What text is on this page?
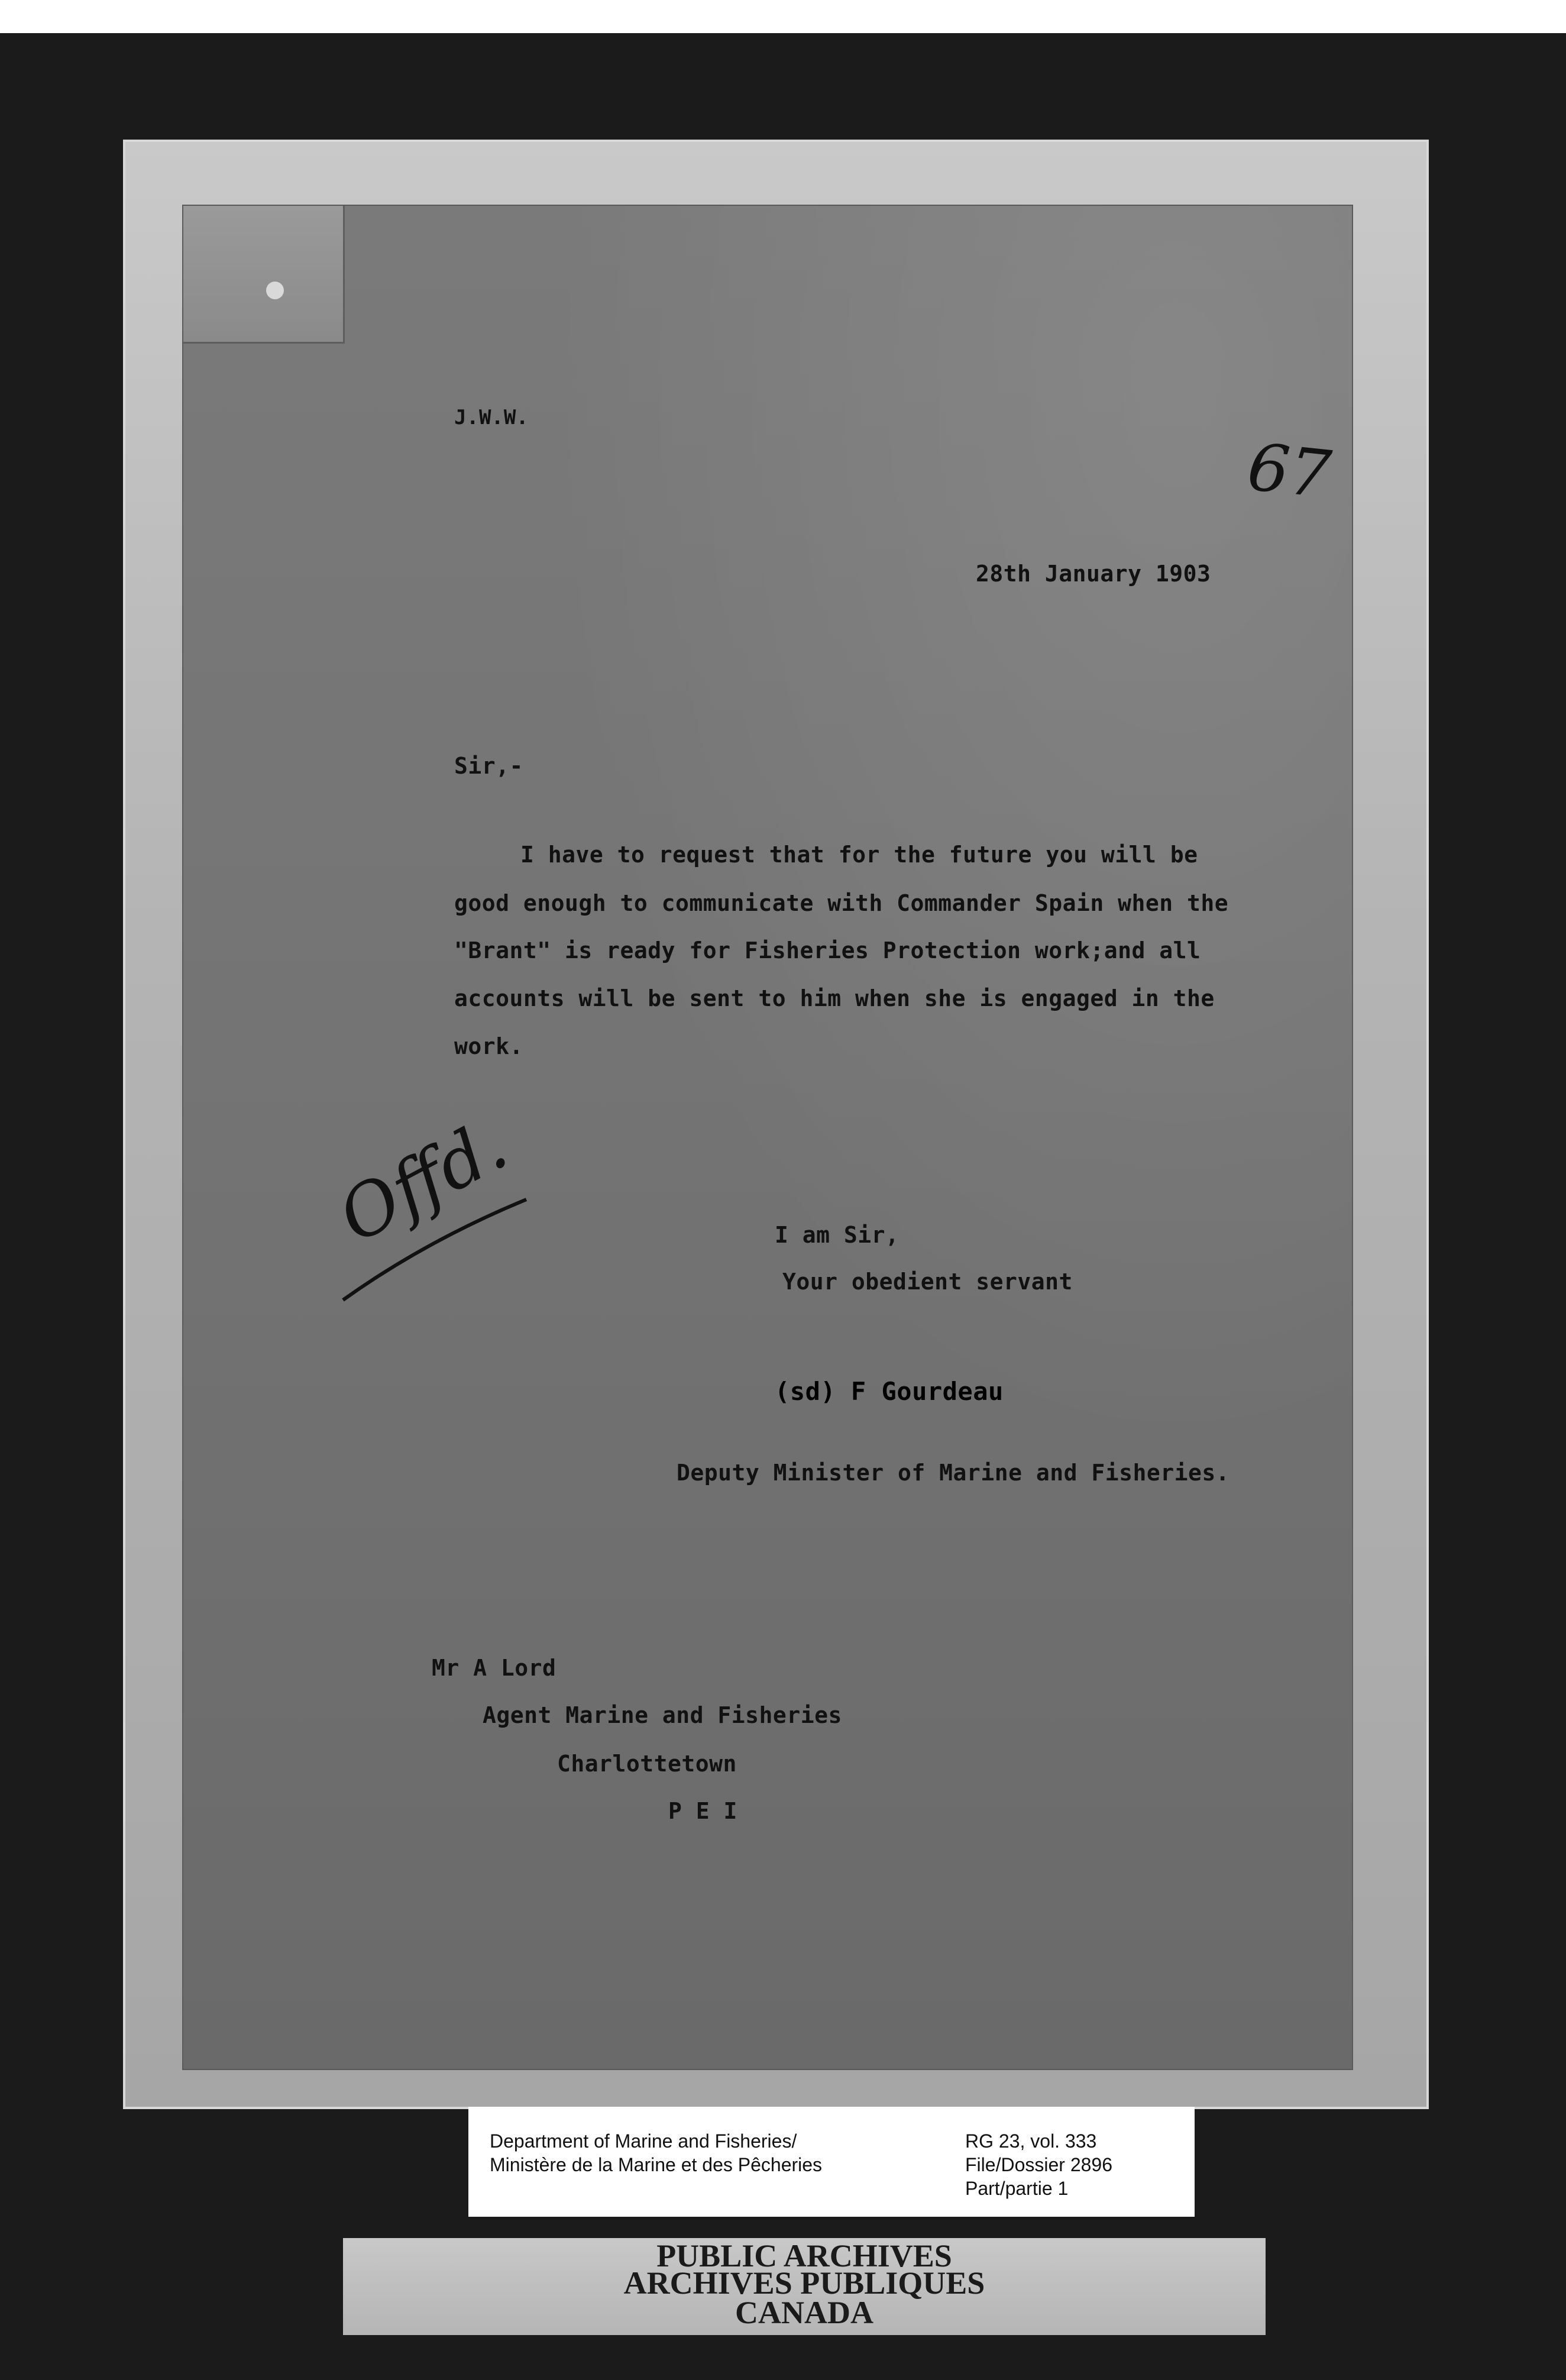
J.W.W.
67
28th January 1903
Sir,-
I have to request that for the future you will be
good enough to communicate with Commander Spain when the
"Brant" is ready for Fisheries Protection work;and all
accounts will be sent to him when she is engaged in the
work.
Offd.	I am Sir,
Your obedient servant
(sd) F Gourdeau
Deputy Minister of Marine and Fisheries.
Mr A Lord
Agent Marine and Fisheries
Charlottetown
P E I
Department of Marine and Fisheries/
Ministère de la Marine et des Pêcheries
RG 23, vol. 333
File/Dossier 2896
Part/partie 1
PUBLIC ARCHIVES
ARCHIVES PUBLIQUES
CANADA
